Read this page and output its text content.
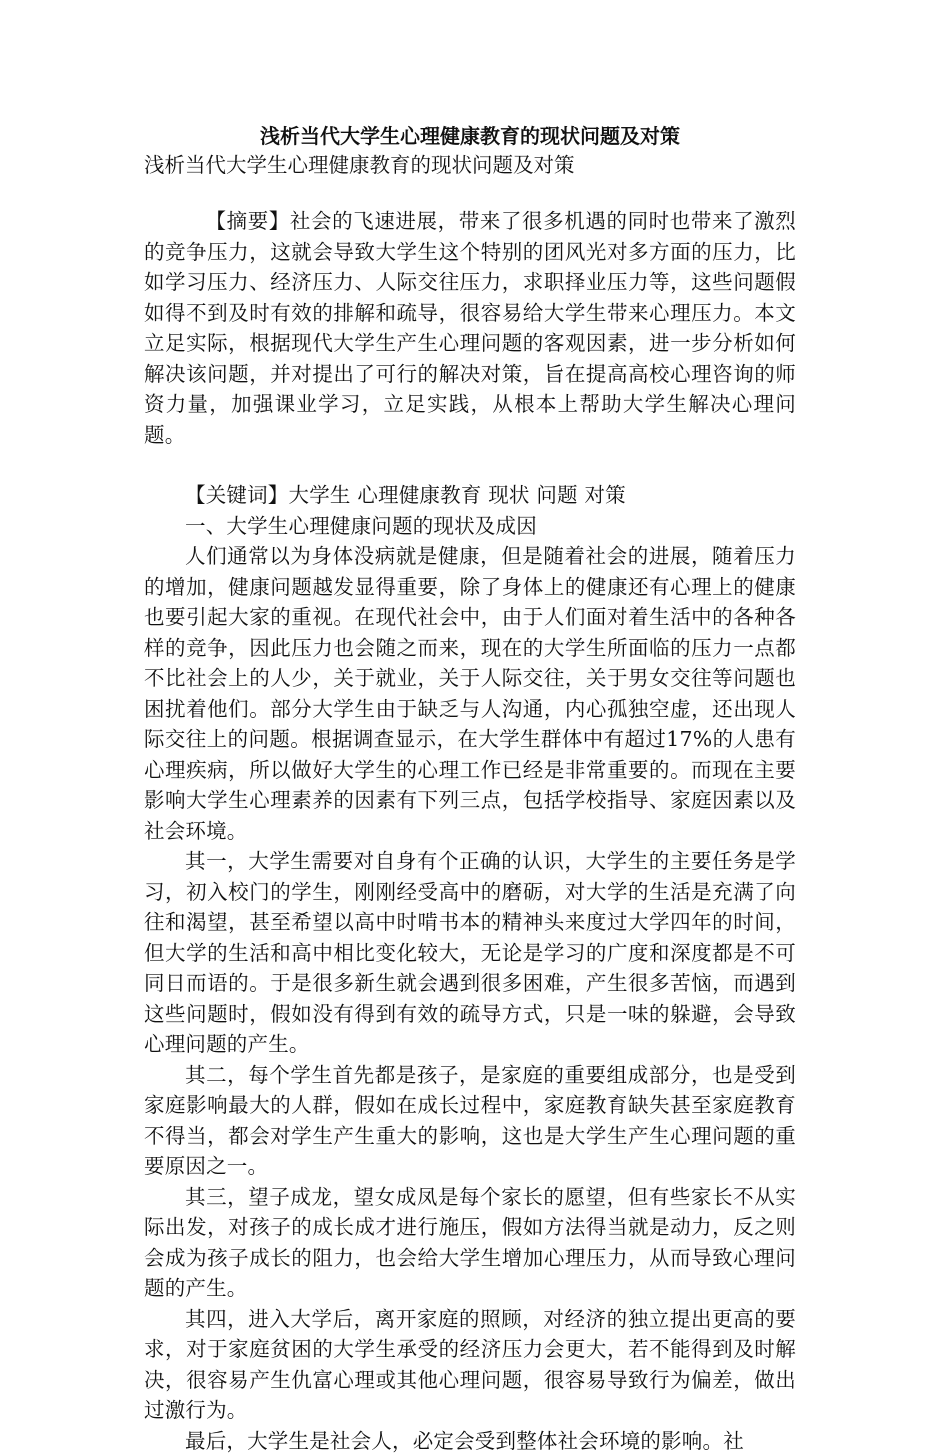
浅析当代大学生心理健康教育的现状问题及对策
浅析当代大学生心理健康教育的现状问题及对策

【摘要】社会的飞速进展，带来了很多机遇的同时也带来了激烈的竞争压力，这就会导致大学生这个特别的团风光对多方面的压力，比如学习压力、经济压力、人际交往压力，求职择业压力等，这些问题假如得不到及时有效的排解和疏导，很容易给大学生带来心理压力。本文立足实际，根据现代大学生产生心理问题的客观因素，进一步分析如何解决该问题，并对提出了可行的解决对策，旨在提高高校心理咨询的师资力量，加强课业学习，立足实践，从根本上帮助大学生解决心理问题。

【关键词】大学生 心理健康教育 现状 问题 对策

一、大学生心理健康问题的现状及成因

人们通常以为身体没病就是健康，但是随着社会的进展，随着压力的增加，健康问题越发显得重要，除了身体上的健康还有心理上的健康也要引起大家的重视。在现代社会中，由于人们面对着生活中的各种各样的竞争，因此压力也会随之而来，现在的大学生所面临的压力一点都不比社会上的人少，关于就业，关于人际交往，关于男女交往等问题也困扰着他们。部分大学生由于缺乏与人沟通，内心孤独空虚，还出现人际交往上的问题。根据调查显示，在大学生群体中有超过17%的人患有心理疾病，所以做好大学生的心理工作已经是非常重要的。而现在主要影响大学生心理素养的因素有下列三点，包括学校指导、家庭因素以及社会环境。

其一，大学生需要对自身有个正确的认识，大学生的主要任务是学习，初入校门的学生，刚刚经受高中的磨砺，对大学的生活是充满了向往和渴望，甚至希望以高中时啃书本的精神头来度过大学四年的时间，但大学的生活和高中相比变化较大，无论是学习的广度和深度都是不可同日而语的。于是很多新生就会遇到很多困难，产生很多苦恼，而遇到这些问题时，假如没有得到有效的疏导方式，只是一味的躲避，会导致心理问题的产生。

其二，每个学生首先都是孩子，是家庭的重要组成部分，也是受到家庭影响最大的人群，假如在成长过程中，家庭教育缺失甚至家庭教育不得当，都会对学生产生重大的影响，这也是大学生产生心理问题的重要原因之一。

其三，望子成龙，望女成凤是每个家长的愿望，但有些家长不从实际出发，对孩子的成长成才进行施压，假如方法得当就是动力，反之则会成为孩子成长的阻力，也会给大学生增加心理压力，从而导致心理问题的产生。

其四，进入大学后，离开家庭的照顾，对经济的独立提出更高的要求，对于家庭贫困的大学生承受的经济压力会更大，若不能得到及时解决，很容易产生仇富心理或其他心理问题，很容易导致行为偏差，做出过激行为。

最后，大学生是社会人，必定会受到整体社会环境的影响。社
